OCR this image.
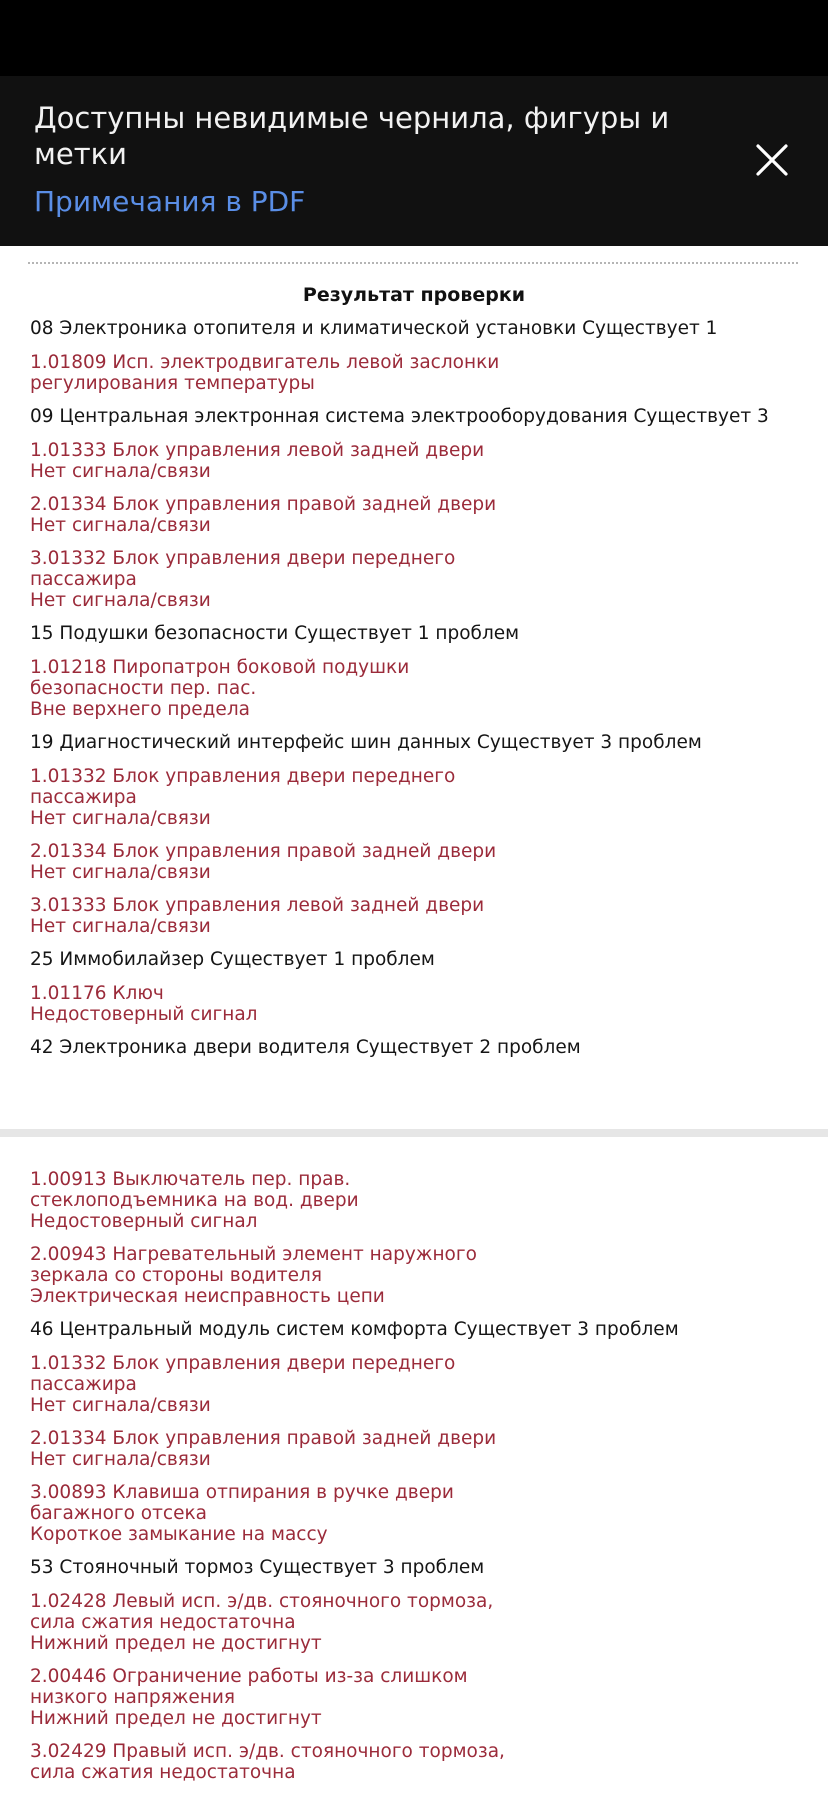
Доступны невидимые чернила, фигуры и метки
Примечания в PDF
Результат проверки
08 Электроника отопителя и климатической установки Существует 1
1.01809 Исп. электродвигатель левой заслонки
регулирования температуры
09 Центральная электронная система электрооборудования Существует 3
1.01333 Блок управления левой задней двери
Нет сигнала/связи
2.01334 Блок управления правой задней двери
Нет сигнала/связи
3.01332 Блок управления двери переднего
пассажира
Нет сигнала/связи
15 Подушки безопасности Существует 1 проблем
1.01218 Пиропатрон боковой подушки
безопасности пер. пас.
Вне верхнего предела
19 Диагностический интерфейс шин данных Существует 3 проблем
1.01332 Блок управления двери переднего
пассажира
Нет сигнала/связи
2.01334 Блок управления правой задней двери
Нет сигнала/связи
3.01333 Блок управления левой задней двери
Нет сигнала/связи
25 Иммобилайзер Существует 1 проблем
1.01176 Ключ
Недостоверный сигнал
42 Электроника двери водителя Существует 2 проблем
1.00913 Выключатель пер. прав.
стеклоподъемника на вод. двери
Недостоверный сигнал
2.00943 Нагревательный элемент наружного
зеркала со стороны водителя
Электрическая неисправность цепи
46 Центральный модуль систем комфорта Существует 3 проблем
1.01332 Блок управления двери переднего
пассажира
Нет сигнала/связи
2.01334 Блок управления правой задней двери
Нет сигнала/связи
3.00893 Клавиша отпирания в ручке двери
багажного отсека
Короткое замыкание на массу
53 Стояночный тормоз Существует 3 проблем
1.02428 Левый исп. э/дв. стояночного тормоза,
сила сжатия недостаточна
Нижний предел не достигнут
2.00446 Ограничение работы из-за слишком
низкого напряжения
Нижний предел не достигнут
3.02429 Правый исп. э/дв. стояночного тормоза,
сила сжатия недостаточна
